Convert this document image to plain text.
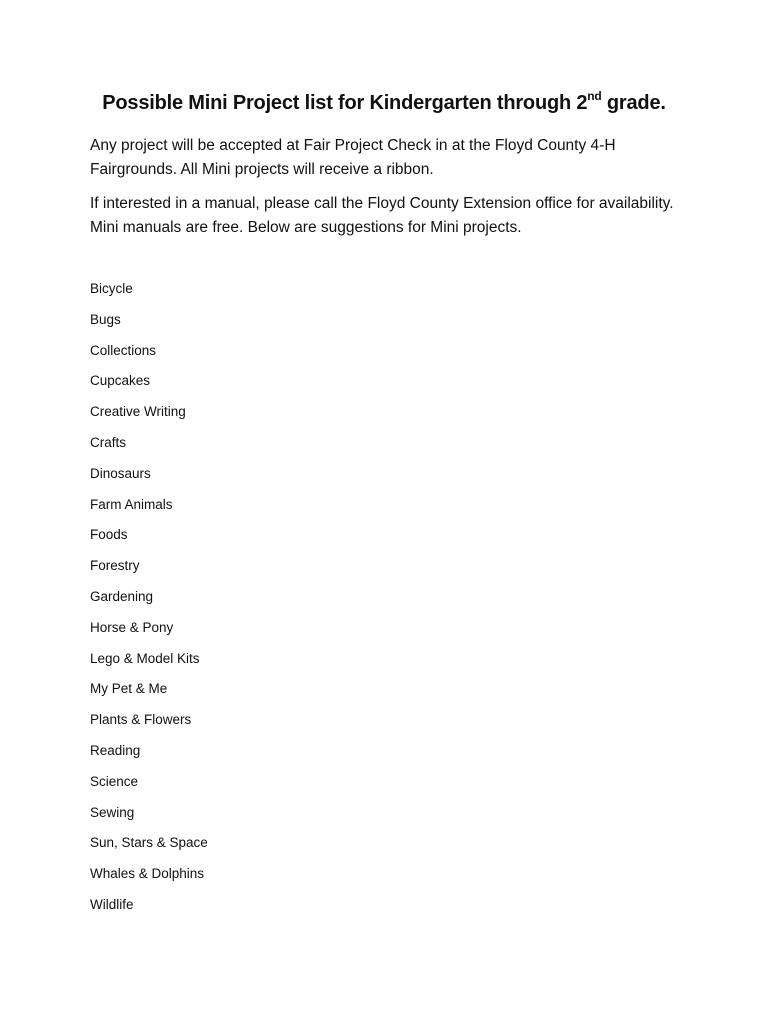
Possible Mini Project list for Kindergarten through 2nd grade.

Any project will be accepted at Fair Project Check in at the Floyd County 4-H Fairgrounds. All Mini projects will receive a ribbon.

If interested in a manual, please call the Floyd County Extension office for availability. Mini manuals are free. Below are suggestions for Mini projects.

Bicycle
Bugs
Collections
Cupcakes
Creative Writing
Crafts
Dinosaurs
Farm Animals
Foods
Forestry
Gardening
Horse & Pony
Lego & Model Kits
My Pet & Me
Plants & Flowers
Reading
Science
Sewing
Sun, Stars & Space
Whales & Dolphins
Wildlife
